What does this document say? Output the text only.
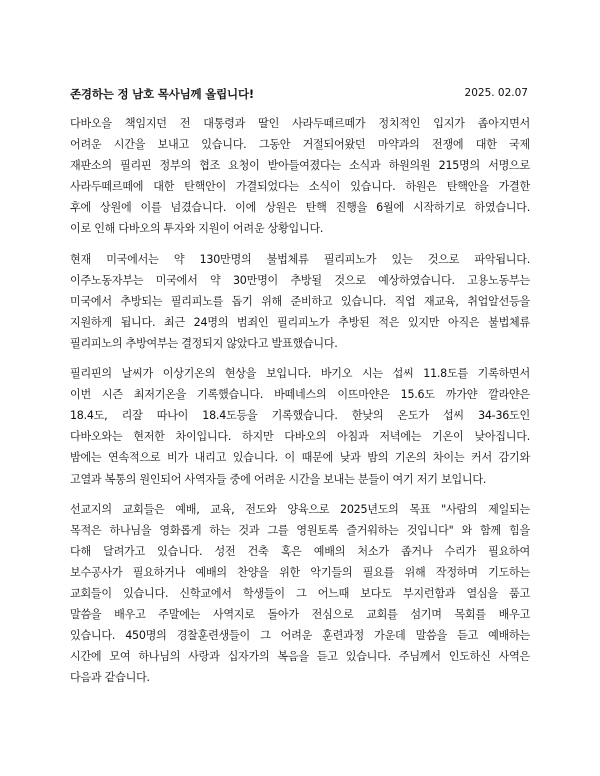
존경하는 정 남호 목사님께 올립니다!	2025. 02.07
다바오을 책임지던 전 대통령과 딸인 사라두떼르떼가 정치적인 입지가 좁아지면서
어려운 시간을 보내고 있습니다. 그동안 거절되어왔던 마약과의 전쟁에 대한 국제
재판소의 필리핀 정부의 협조 요청이 받아들여졌다는 소식과 하원의원 215명의 서명으로
사라두떼르떼에 대한 탄핵안이 가결되었다는 소식이 있습니다. 하원은 탄핵안을 가결한
후에 상원에 이를 넘겼습니다. 이에 상원은 탄핵 진행을 6월에 시작하기로 하였습니다.
이로 인해 다바오의 투자와 지원이 어려운 상황입니다.
현재 미국에서는 약 130만명의 불법체류 필리피노가 있는 것으로 파악됩니다.
이주노동자부는 미국에서 약 30만명이 추방될 것으로 예상하였습니다. 고용노동부는
미국에서 추방되는 필리피노를 돕기 위해 준비하고 있습니다. 직업 재교육, 취업알선등을
지원하게 됩니다. 최근 24명의 범죄인 필리피노가 추방된 적은 있지만 아직은 불법체류
필리피노의 추방여부는 결정되지 않았다고 발표했습니다.
필리핀의 날씨가 이상기온의 현상을 보입니다. 바기오 시는 섭씨 11.8도를 기록하면서
이번 시즌 최저기온을 기록했습니다. 바떼네스의 이뜨마얀은 15.6도 까가얀 깔라얀은
18.4도, 리잘 따나이 18.4도등을 기록했습니다. 한낮의 온도가 섭씨 34-36도인
다바오와는 현저한 차이입니다. 하지만 다바오의 아침과 저녁에는 기온이 낮아집니다.
밤에는 연속적으로 비가 내리고 있습니다. 이 때문에 낮과 밤의 기온의 차이는 커서 감기와
고열과 복통의 원인되어 사역자들 중에 어려운 시간을 보내는 분들이 여기 저기 보입니다.
선교지의 교회들은 예배, 교육, 전도와 양육으로 2025년도의 목표 "사람의 제일되는
목적은 하나님을 영화롭게 하는 것과 그를 영원토록 즐거워하는 것입니다" 와 함께 힘을
다해 달려가고 있습니다. 성전 건축 혹은 예배의 처소가 좁거나 수리가 필요하여
보수공사가 필요하거나 예배의 찬양을 위한 악기들의 필요를 위해 작정하며 기도하는
교회들이 있습니다. 신학교에서 학생들이 그 어느때 보다도 부지런함과 열심을 품고
말씀을 배우고 주말에는 사역지로 돌아가 전심으로 교회를 섬기며 목회를 배우고
있습니다. 450명의 경찰훈련생들이 그 어려운 훈련과정 가운데 말씀을 듣고 예배하는
시간에 모여 하나님의 사랑과 십자가의 복음을 듣고 있습니다. 주님께서 인도하신 사역은
다음과 같습니다.
